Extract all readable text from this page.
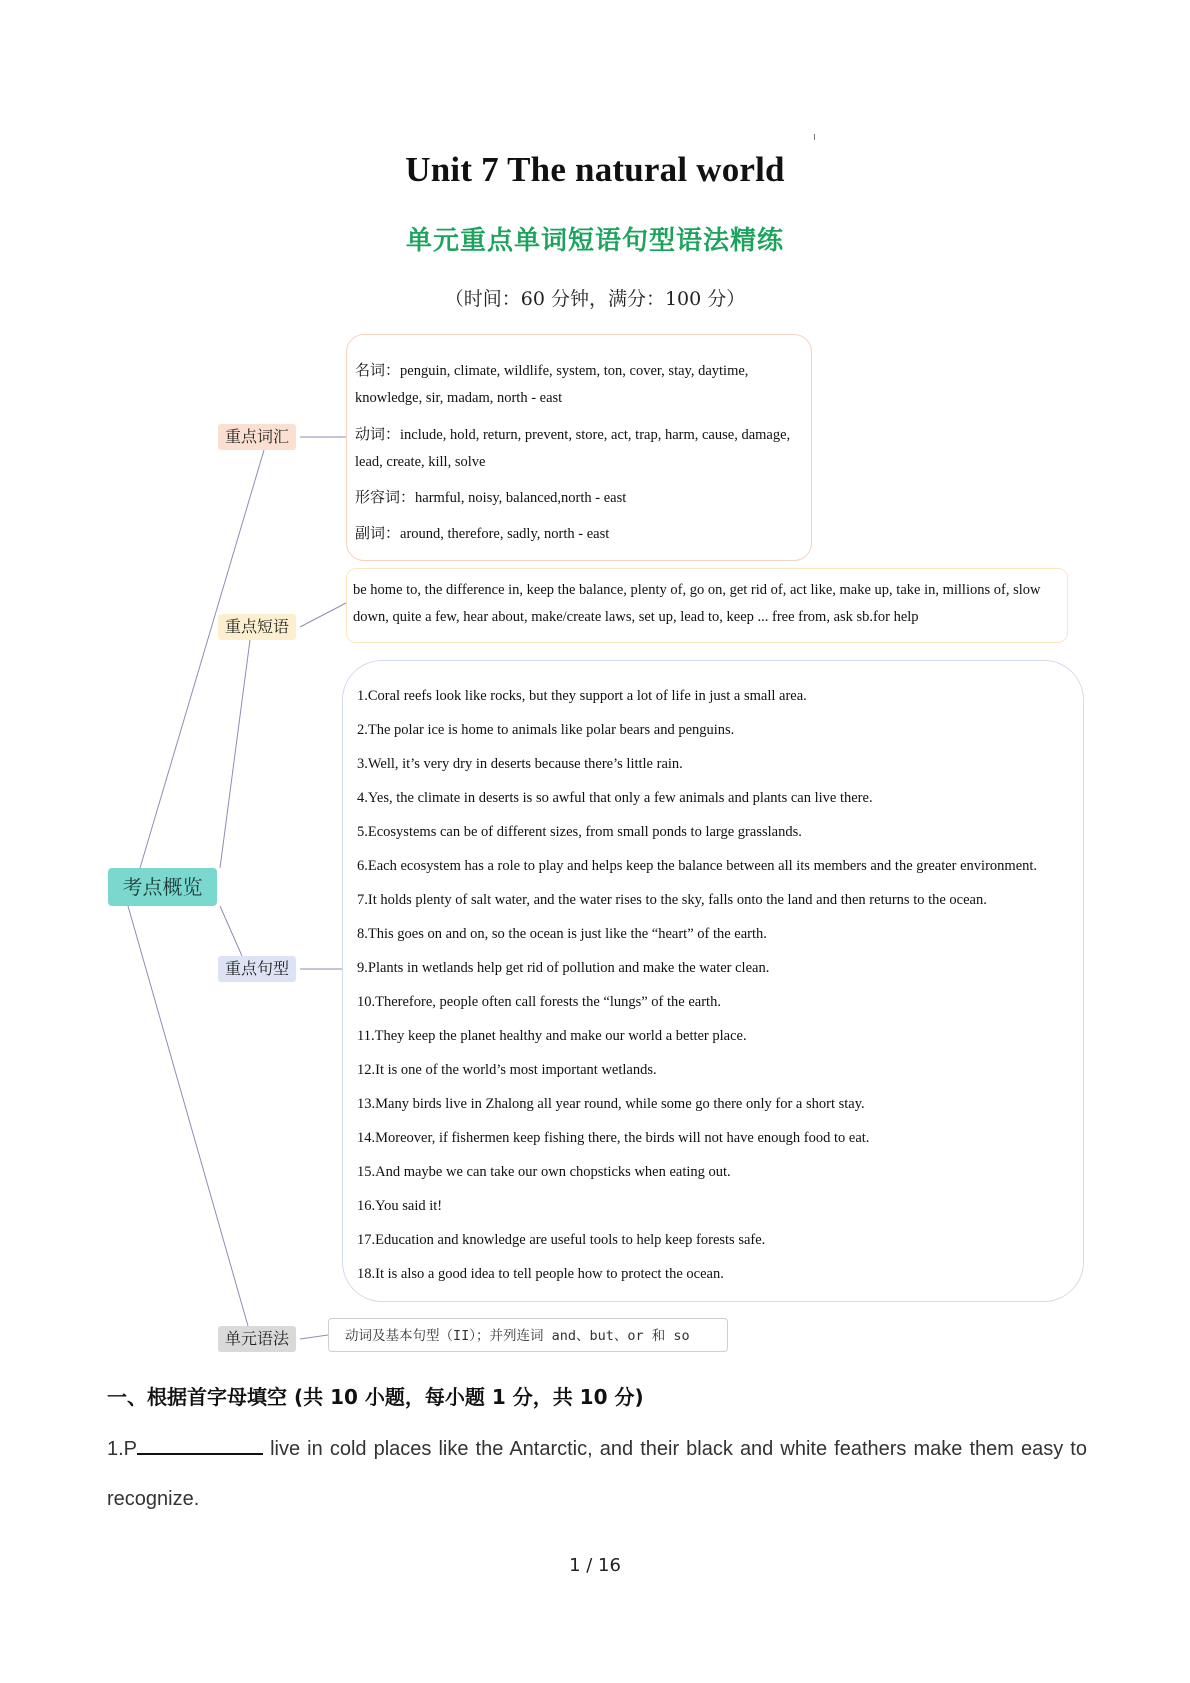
Unit 7 The natural world
单元重点单词短语句型语法精练
（时间：60 分钟，满分：100 分）
考点概览
重点词汇
重点短语
重点句型
单元语法
名词：penguin, climate, wildlife, system, ton, cover, stay, daytime, knowledge, sir, madam, north - east
动词：include, hold, return, prevent, store, act, trap, harm, cause, damage, lead, create, kill, solve
形容词：harmful, noisy, balanced,north - east
副词：around, therefore, sadly, north - east
be home to, the difference in, keep the balance, plenty of, go on, get rid of, act like, make up, take in, millions of, slow down, quite a few, hear about, make/create laws, set up, lead to, keep ... free from, ask sb.for help
1.Coral reefs look like rocks, but they support a lot of life in just a small area.
2.The polar ice is home to animals like polar bears and penguins.
3.Well, it’s very dry in deserts because there’s little rain.
4.Yes, the climate in deserts is so awful that only a few animals and plants can live there.
5.Ecosystems can be of different sizes, from small ponds to large grasslands.
6.Each ecosystem has a role to play and helps keep the balance between all its members and the greater environment.
7.It holds plenty of salt water, and the water rises to the sky, falls onto the land and then returns to the ocean.
8.This goes on and on, so the ocean is just like the “heart” of the earth.
9.Plants in wetlands help get rid of pollution and make the water clean.
10.Therefore, people often call forests the “lungs” of the earth.
11.They keep the planet healthy and make our world a better place.
12.It is one of the world’s most important wetlands.
13.Many birds live in Zhalong all year round, while some go there only for a short stay.
14.Moreover, if fishermen keep fishing there, the birds will not have enough food to eat.
15.And maybe we can take our own chopsticks when eating out.
16.You said it!
17.Education and knowledge are useful tools to help keep forests safe.
18.It is also a good idea to tell people how to protect the ocean.
动词及基本句型（II）；并列连词 and、but、or 和 so
一、根据首字母填空 (共 10 小题，每小题 1 分，共 10 分)
1.P	live in cold places like the Antarctic, and their black and white feathers make them easy to recognize.
1 / 16
